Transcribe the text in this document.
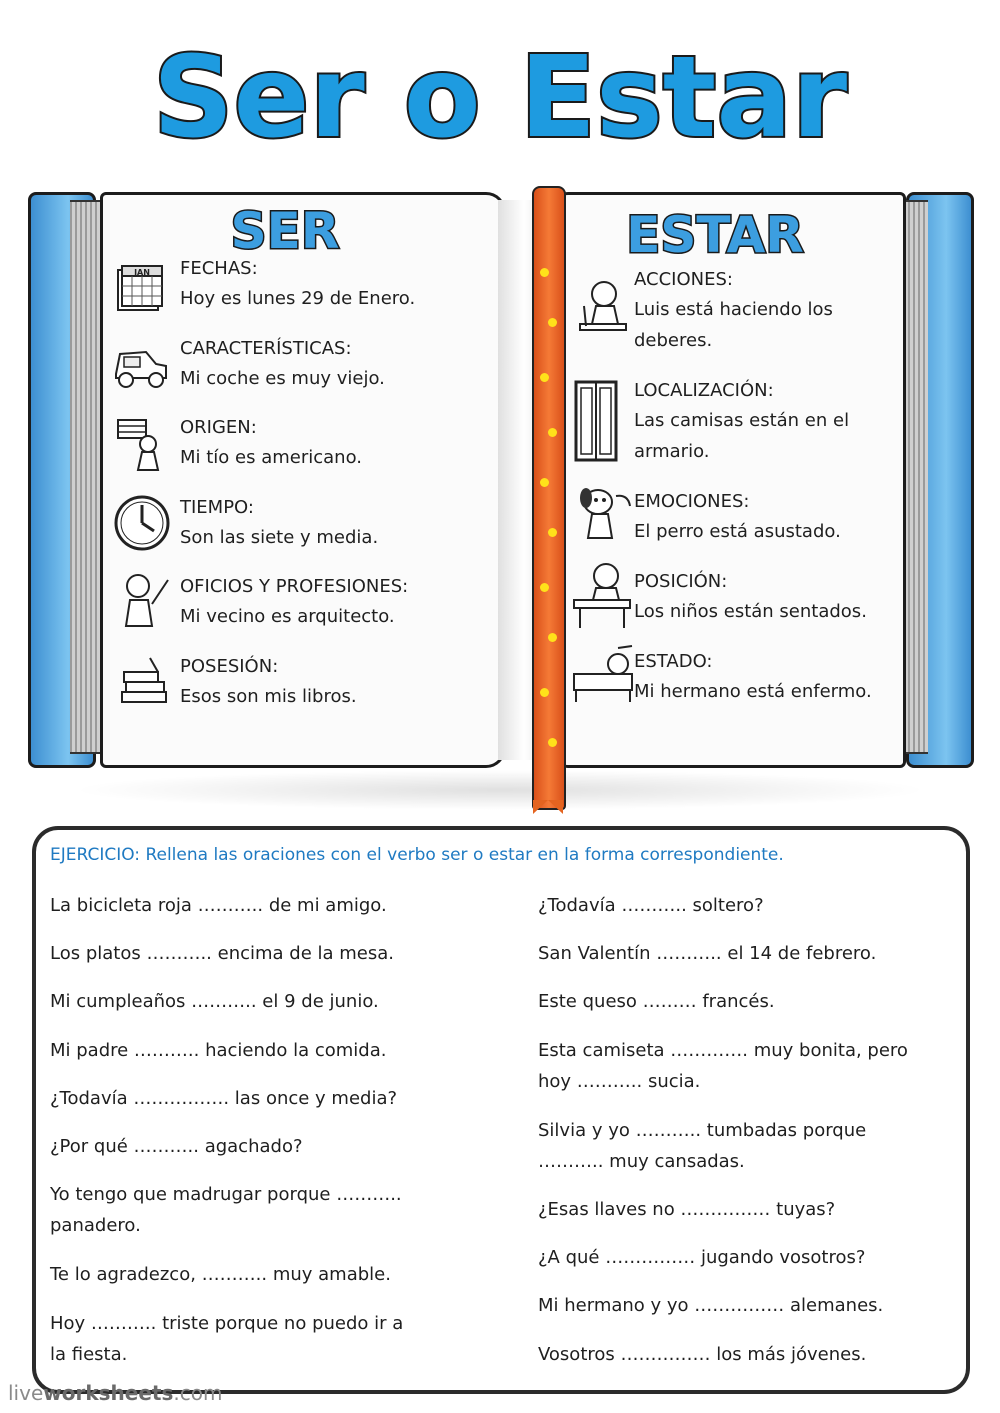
Ser o Estar
SER	ESTAR
JAN FECHAS:
Hoy es lunes 29 de Enero.
CARACTERÍSTICAS:
Mi coche es muy viejo.
ORIGEN:
Mi tío es americano.
TIEMPO:
Son las siete y media.
OFICIOS Y PROFESIONES:
Mi vecino es arquitecto.
POSESIÓN:
Esos son mis libros.
ACCIONES:
Luis está haciendo los
deberes.
LOCALIZACIÓN:
Las camisas están en el
armario.
EMOCIONES:
El perro está asustado.
POSICIÓN:
Los niños están sentados.
ESTADO:
Mi hermano está enfermo.
EJERCICIO: Rellena las oraciones con el verbo ser o estar en la forma correspondiente.
La bicicleta roja ……….. de mi amigo.
Los platos ……….. encima de la mesa.
Mi cumpleaños ……….. el 9 de junio.
Mi padre ……….. haciendo la comida.
¿Todavía ……………. las once y media?
¿Por qué ……….. agachado?
Yo tengo que madrugar porque ………..
panadero.
Te lo agradezco, ……….. muy amable.
Hoy ……….. triste porque no puedo ir a
la fiesta.
¿Todavía ……….. soltero?
San Valentín ……….. el 14 de febrero.
Este queso ……… francés.
Esta camiseta …………. muy bonita, pero
hoy ……….. sucia.
Silvia y yo ……….. tumbadas porque
……….. muy cansadas.
¿Esas llaves no …………… tuyas?
¿A qué …………… jugando vosotros?
Mi hermano y yo …………… alemanes.
Vosotros …………… los más jóvenes.
liveworksheets.com
